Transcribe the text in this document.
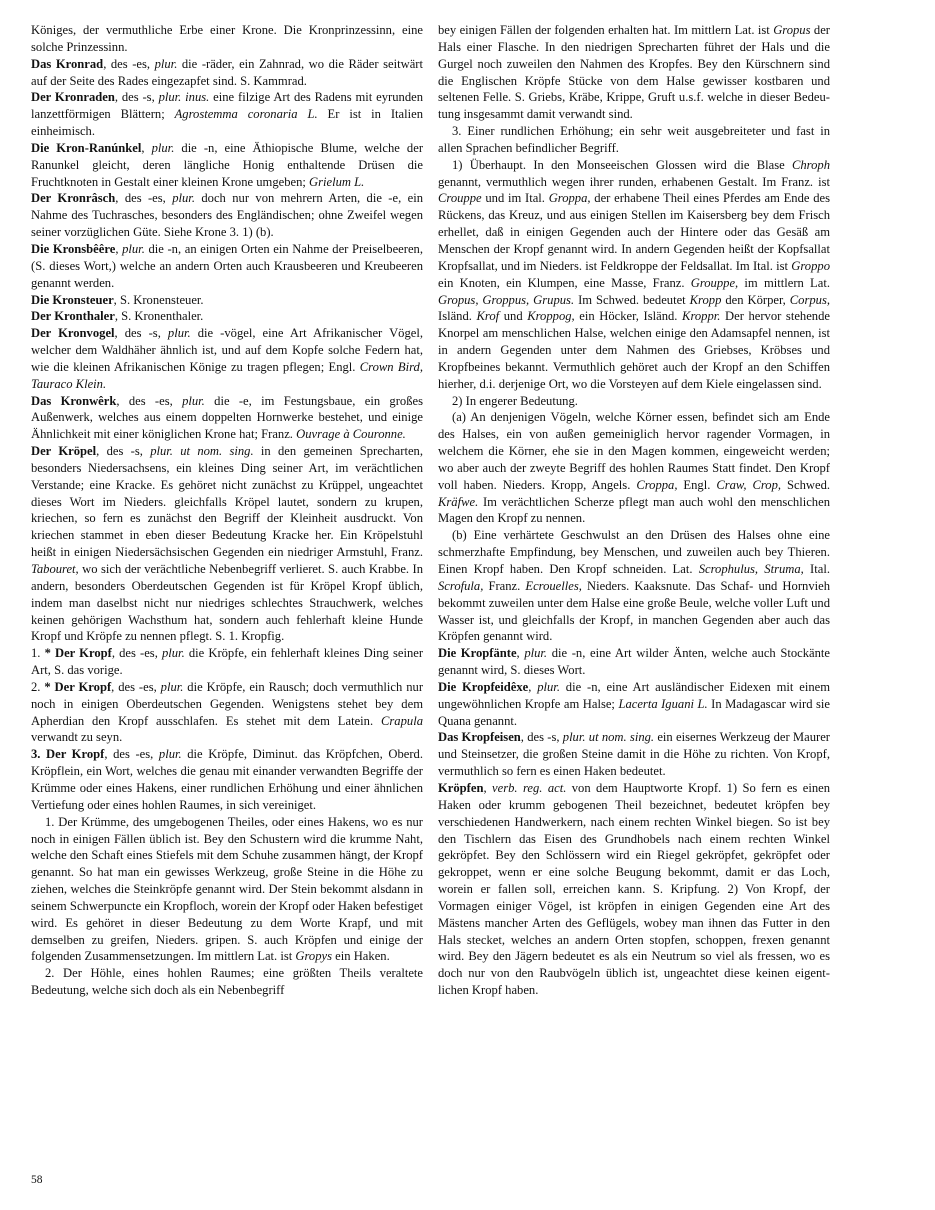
Königes, der vermuthliche Erbe einer Krone. Die Kronprinzessinn, eine solche Prinzessinn.

Das Kronrad, des -es, plur. die -räder, ein Zahnrad, wo die Räder seitwärt auf der Seite des Rades eingezapfet sind. S. Kammrad.

Der Kronraden, des -s, plur. inus. eine filzige Art des Radens mit eyrunden lanzettförmigen Blättern; Agrostemma coronaria L. Er ist in Italien einheimisch.

Die Kron-Ranúnkel, plur. die -n, eine Äthiopische Blume, welche der Ranunkel gleicht, deren längliche Honig enthaltende Drüsen die Fruchtknoten in Gestalt einer kleinen Krone umgeben; Grielum L.

Der Kronrâsch, des -es, plur. doch nur von mehrern Arten, die -e, ein Nahme des Tuchrasches, besonders des Engländischen; ohne Zweifel wegen seiner vorzüglichen Güte. Siehe Krone 3. 1) (b).

Die Kronsbêêre, plur. die -n, an einigen Orten ein Nahme der Preiselbeeren, (S. dieses Wort,) welche an andern Orten auch Krausbeeren und Kreubeeren genannt werden.

Die Kronsteuer, S. Kronensteuer.

Der Kronthaler, S. Kronenthaler.

Der Kronvogel, des -s, plur. die -vögel, eine Art Afrikanischer Vögel, welcher dem Waldhäher ähnlich ist, und auf dem Kopfe solche Federn hat, wie die kleinen Afrikanischen Könige zu tragen pflegen; Engl. Crown Bird, Tauraco Klein.

Das Kronwêrk, des -es, plur. die -e, im Festungsbaue, ein großes Außenwerk, welches aus einem doppelten Hornwerke bestehet, und einige Ähnlichkeit mit einer königlichen Krone hat; Franz. Ouvrage à Couronne.

Der Kröpel, des -s, plur. ut nom. sing. in den gemeinen Sprecharten, besonders Niedersachsens, ein kleines Ding seiner Art, im verächtlichen Verstande; eine Kracke. Es gehöret nicht zunächst zu Krüppel, ungeachtet dieses Wort im Nieders. gleichfalls Kröpel lautet, sondern zu krupen, kriechen, so fern es zunächst den Begriff der Kleinheit ausdruckt. Von kriechen stammet in eben dieser Bedeutung Kracke her. Ein Kröpelstuhl heißt in einigen Niedersächsischen Gegenden ein niedriger Armstuhl, Franz. Tabouret, wo sich der verächtliche Nebenbegriff verlieret. S. auch Krabbe. In andern, besonders Oberdeutschen Gegenden ist für Kröpel Kropf üblich, indem man daselbst nicht nur niedriges schlechtes Strauchwerk, welches keinen gehörigen Wachsthum hat, sondern auch fehlerhaft kleine Hunde Kropf und Kröpfe zu nennen pflegt. S. 1. Kropfig.

1. * Der Kropf, des -es, plur. die Kröpfe, ein fehlerhaft kleines Ding seiner Art, S. das vorige.

2. * Der Kropf, des -es, plur. die Kröpfe, ein Rausch; doch vermuthlich nur noch in einigen Oberdeutschen Gegenden. Wenigstens stehet bey dem Apherdian den Kropf ausschlafen. Es stehet mit dem Latein. Crapula verwandt zu seyn.

3. Der Kropf, des -es, plur. die Kröpfe, Diminut. das Kröpfchen, Oberd. Kröpflein, ein Wort, welches die genau mit einander verwandten Begriffe der Krümme oder eines Hakens, einer rundlichen Erhöhung und einer ähnlichen Vertiefung oder eines hohlen Raumes, in sich vereiniget.

1. Der Krümme, des umgebogenen Theiles, oder eines Hakens, wo es nur noch in einigen Fällen üblich ist. Bey den Schustern wird die krumme Naht, welche den Schaft eines Stiefels mit dem Schuhe zusammen hängt, der Kropf genannt. So hat man ein gewisses Werkzeug, große Steine in die Höhe zu ziehen, welches die Steinkröpfe genannt wird. Der Stein bekommt alsdann in seinem Schwerpuncte ein Kropfloch, worein der Kropf oder Haken befestiget wird. Es gehöret in dieser Bedeutung zu dem Worte Krapf, und mit demselben zu greifen, Nieders. gripen. S. auch Kröpfen und einige der folgenden Zusammensetzungen. Im mittlern Lat. ist Gropys ein Haken.

2. Der Höhle, eines hohlen Raumes; eine größten Theils veraltete Bedeutung, welche sich doch als ein Nebenbegriff

bey einigen Fällen der folgenden erhalten hat. Im mittlern Lat. ist Gropus der Hals einer Flasche. In den niedrigen Sprecharten führet der Hals und die Gurgel noch zuweilen den Nahmen des Kropfes. Bey den Kürschnern sind die Englischen Kröpfe Stücke von dem Halse gewisser kostbaren und seltenen Felle. S. Griebs, Kräbe, Krippe, Gruft u.s.f. welche in dieser Bedeutung insgesammt damit verwandt sind.

3. Einer rundlichen Erhöhung; ein sehr weit ausgebreiteter und fast in allen Sprachen befindlicher Begriff.

1) Überhaupt. In den Monseeischen Glossen wird die Blase Chroph genannt, vermuthlich wegen ihrer runden, erhabenen Gestalt. Im Franz. ist Crouppe und im Ital. Groppa, der erhabene Theil eines Pferdes am Ende des Rückens, das Kreuz, und aus einigen Stellen im Kaisersberg bey dem Frisch erhellet, daß in einigen Gegenden auch der Hintere oder das Gesäß am Menschen der Kropf genannt wird. In andern Gegenden heißt der Kopfsallat Kropfsallat, und im Nieders. ist Feldkroppe der Feldsallat. Im Ital. ist Groppo ein Knoten, ein Klumpen, eine Masse, Franz. Grouppe, im mittlern Lat. Gropus, Groppus, Grupus. Im Schwed. bedeutet Kropp den Körper, Corpus, Isländ. Krof und Kroppog, ein Höcker, Isländ. Kroppr. Der hervor stehende Knorpel am menschlichen Halse, welchen einige den Adamsapfel nennen, ist in andern Gegenden unter dem Nahmen des Griebses, Kröbses und Kropfbeines bekannt. Vermuthlich gehöret auch der Kropf an den Schiffen hierher, d.i. derjenige Ort, wo die Vorsteyen auf dem Kiele eingelassen sind.

2) In engerer Bedeutung.

(a) An denjenigen Vögeln, welche Körner essen, befindet sich am Ende des Halses, ein von außen gemeiniglich hervor ragender Vormagen, in welchem die Körner, ehe sie in den Magen kommen, eingeweicht werden; wo aber auch der zweyte Begriff des hohlen Raumes Statt findet. Den Kropf voll haben. Nieders. Kropp, Angels. Croppa, Engl. Craw, Crop, Schwed. Kräfwe. Im verächtlichen Scherze pflegt man auch wohl den menschlichen Magen den Kropf zu nennen.

(b) Eine verhärtete Geschwulst an den Drüsen des Halses ohne eine schmerzhafte Empfindung, bey Menschen, und zuweilen auch bey Thieren. Einen Kropf haben. Den Kropf schneiden. Lat. Scrophulus, Struma, Ital. Scrofula, Franz. Ecrouelles, Nieders. Kaaksnute. Das Schaf- und Hornvieh bekommt zuweilen unter dem Halse eine große Beule, welche voller Luft und Wasser ist, und gleichfalls der Kropf, in manchen Gegenden aber auch das Kröpfen genannt wird.

Die Kropfänte, plur. die -n, eine Art wilder Änten, welche auch Stockänte genannt wird, S. dieses Wort.

Die Kropfeidêxe, plur. die -n, eine Art ausländischer Eidexen mit einem ungewöhnlichen Kropfe am Halse; Lacerta Iguani L. In Madagascar wird sie Quana genannt.

Das Kropfeisen, des -s, plur. ut nom. sing. ein eisernes Werkzeug der Maurer und Steinsetzer, die großen Steine damit in die Höhe zu richten. Von Kropf, vermuthlich so fern es einen Haken bedeutet.

Kröpfen, verb. reg. act. von dem Hauptworte Kropf. 1) So fern es einen Haken oder krumm gebogenen Theil bezeichnet, bedeutet kröpfen bey verschiedenen Handwerkern, nach einem rechten Winkel biegen. So ist bey den Tischlern das Eisen des Grundhobels nach einem rechten Winkel gekröpfet. Bey den Schlössern wird ein Riegel gekröpfet, gekröpfet oder gekroppet, wenn er eine solche Beugung bekommt, damit er das Loch, worein er fallen soll, erreichen kann. S. Kripfung. 2) Von Kropf, der Vormagen einiger Vögel, ist kröpfen in einigen Gegenden eine Art des Mästens mancher Arten des Geflügels, wobey man ihnen das Futter in den Hals stecket, welches an andern Orten stopfen, schoppen, frexen genannt wird. Bey den Jägern bedeutet es als ein Neutrum so viel als fressen, wo es doch nur von den Raubvögeln üblich ist, ungeachtet diese keinen eigentlichen Kropf haben.

58
